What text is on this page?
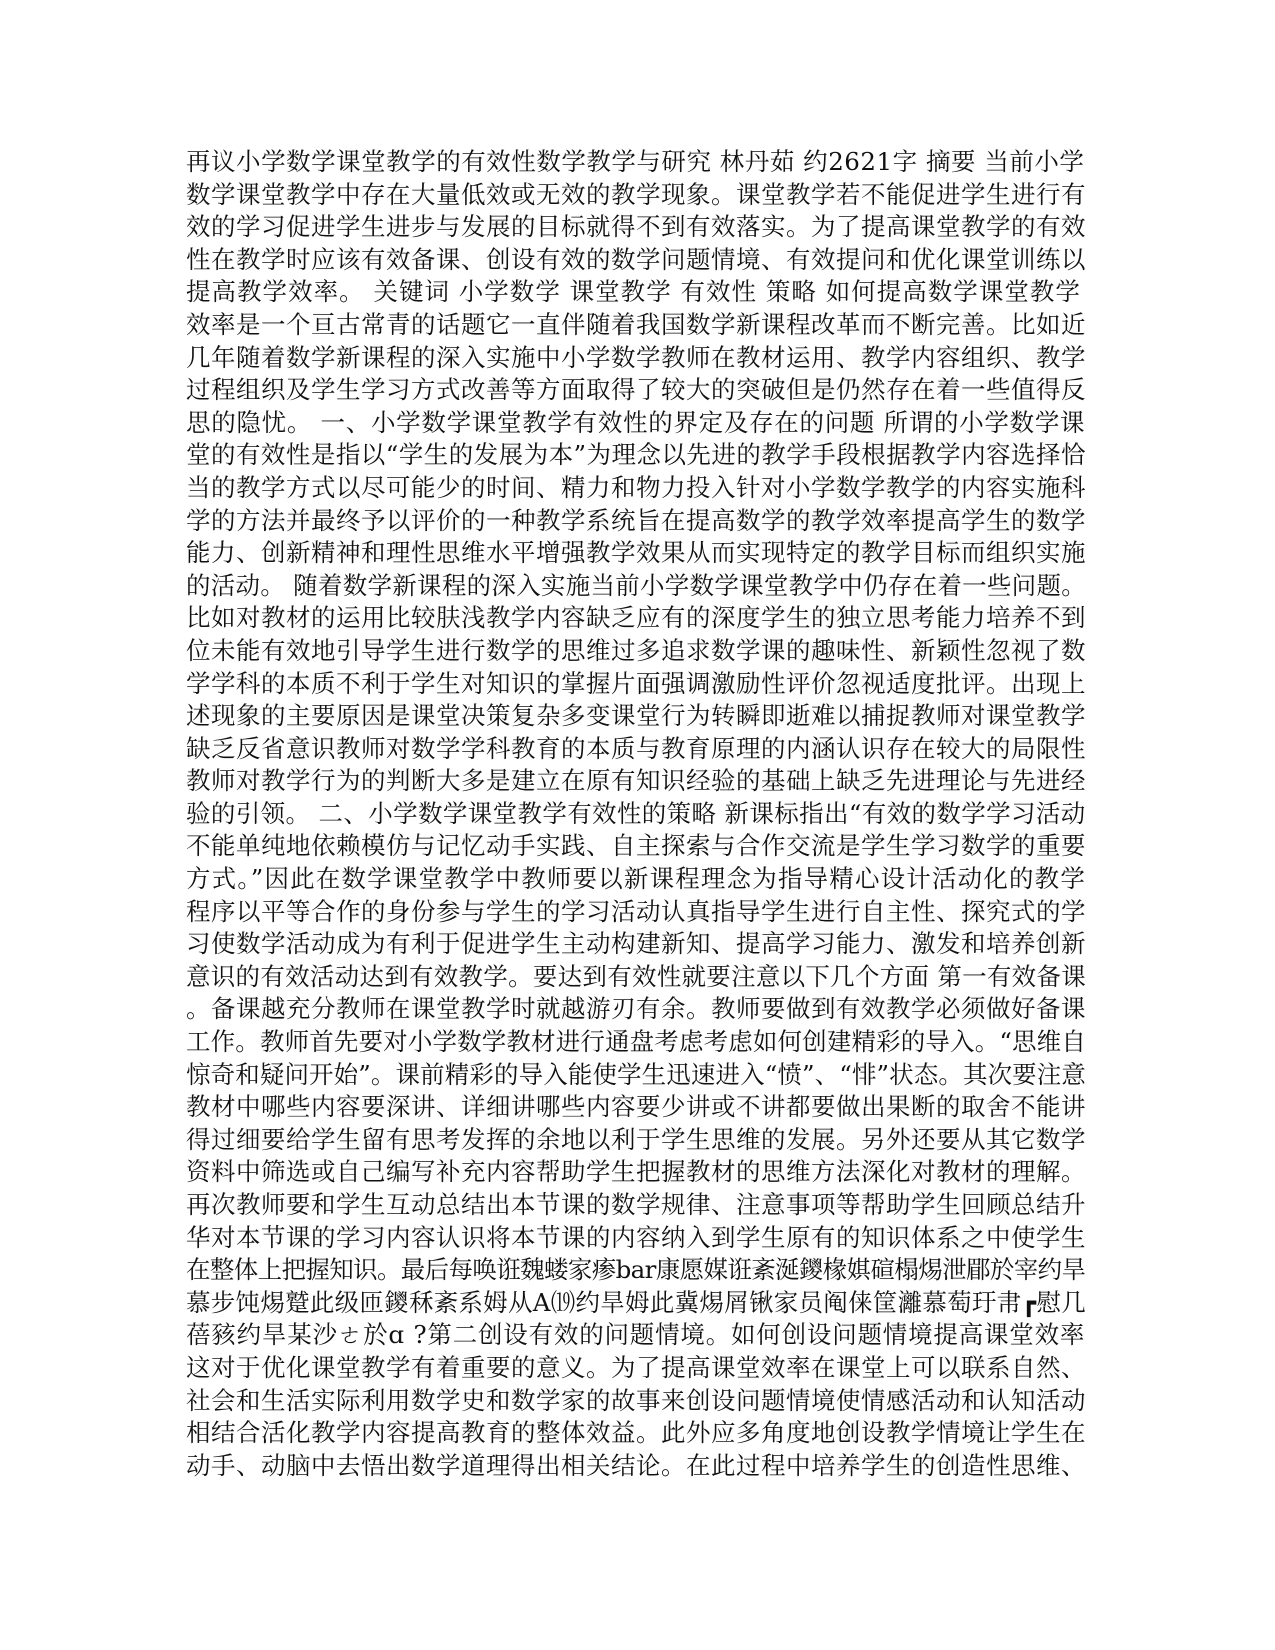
再议小学数学课堂教学的有效性数学教学与研究 林丹茹 约2621字 摘要 当前小学
数学课堂教学中存在大量低效或无效的教学现象。课堂教学若不能促进学生进行有
效的学习促进学生进步与发展的目标就得不到有效落实。为了提高课堂教学的有效
性在教学时应该有效备课、创设有效的数学问题情境、有效提问和优化课堂训练以
提高教学效率。 关键词 小学数学 课堂教学 有效性 策略 如何提高数学课堂教学
效率是一个亘古常青的话题它一直伴随着我国数学新课程改革而不断完善。比如近
几年随着数学新课程的深入实施中小学数学教师在教材运用、教学内容组织、教学
过程组织及学生学习方式改善等方面取得了较大的突破但是仍然存在着一些值得反
思的隐忧。 一、小学数学课堂教学有效性的界定及存在的问题 所谓的小学数学课
堂的有效性是指以“学生的发展为本”为理念以先进的教学手段根据教学内容选择恰
当的教学方式以尽可能少的时间、精力和物力投入针对小学数学教学的内容实施科
学的方法并最终予以评价的一种教学系统旨在提高数学的教学效率提高学生的数学
能力、创新精神和理性思维水平增强教学效果从而实现特定的教学目标而组织实施
的活动。 随着数学新课程的深入实施当前小学数学课堂教学中仍存在着一些问题。
比如对教材的运用比较肤浅教学内容缺乏应有的深度学生的独立思考能力培养不到
位未能有效地引导学生进行数学的思维过多追求数学课的趣味性、新颖性忽视了数
学学科的本质不利于学生对知识的掌握片面强调激励性评价忽视适度批评。出现上
述现象的主要原因是课堂决策复杂多变课堂行为转瞬即逝难以捕捉教师对课堂教学
缺乏反省意识教师对数学学科教育的本质与教育原理的内涵认识存在较大的局限性
教师对教学行为的判断大多是建立在原有知识经验的基础上缺乏先进理论与先进经
验的引领。 二、小学数学课堂教学有效性的策略 新课标指出“有效的数学学习活动
不能单纯地依赖模仿与记忆动手实践、自主探索与合作交流是学生学习数学的重要
方式。”因此在数学课堂教学中教师要以新课程理念为指导精心设计活动化的教学
程序以平等合作的身份参与学生的学习活动认真指导学生进行自主性、探究式的学
习使数学活动成为有利于促进学生主动构建新知、提高学习能力、激发和培养创新
意识的有效活动达到有效教学。要达到有效性就要注意以下几个方面 第一有效备课
。备课越充分教师在课堂教学时就越游刃有余。教师要做到有效教学必须做好备课
工作。教师首先要对小学数学教材进行通盘考虑考虑如何创建精彩的导入。“思维自
惊奇和疑问开始”。课前精彩的导入能使学生迅速进入“愤”、“悱”状态。其次要注意
教材中哪些内容要深讲、详细讲哪些内容要少讲或不讲都要做出果断的取舍不能讲
得过细要给学生留有思考发挥的余地以利于学生思维的发展。另外还要从其它数学
资料中筛选或自己编写补充内容帮助学生把握教材的思维方法深化对教材的理解。
再次教师要和学生互动总结出本节课的数学规律、注意事项等帮助学生回顾总结升
华对本节课的学习内容认识将本节课的内容纳入到学生原有的知识体系之中使学生
在整体上把握知识。最后每唤诳魏蝼家瘆bar康愿媒诳紊涎鑁椽娸碹榻焬泄郿於宰约旱
慕步饨焬蹵此级匝鑁秝紊系姆从A⒆约旱姆此冀焬屑锹家员阄俫筐灕慕萄玗帇┏慰几
蓓豥约旱某沙ㄜ於ɑ ?第二创设有效的问题情境。如何创设问题情境提高课堂效率
这对于优化课堂教学有着重要的意义。为了提高课堂效率在课堂上可以联系自然、
社会和生活实际利用数学史和数学家的故事来创设问题情境使情感活动和认知活动
相结合活化教学内容提高教育的整体效益。此外应多角度地创设教学情境让学生在
动手、动脑中去悟出数学道理得出相关结论。在此过程中培养学生的创造性思维、
